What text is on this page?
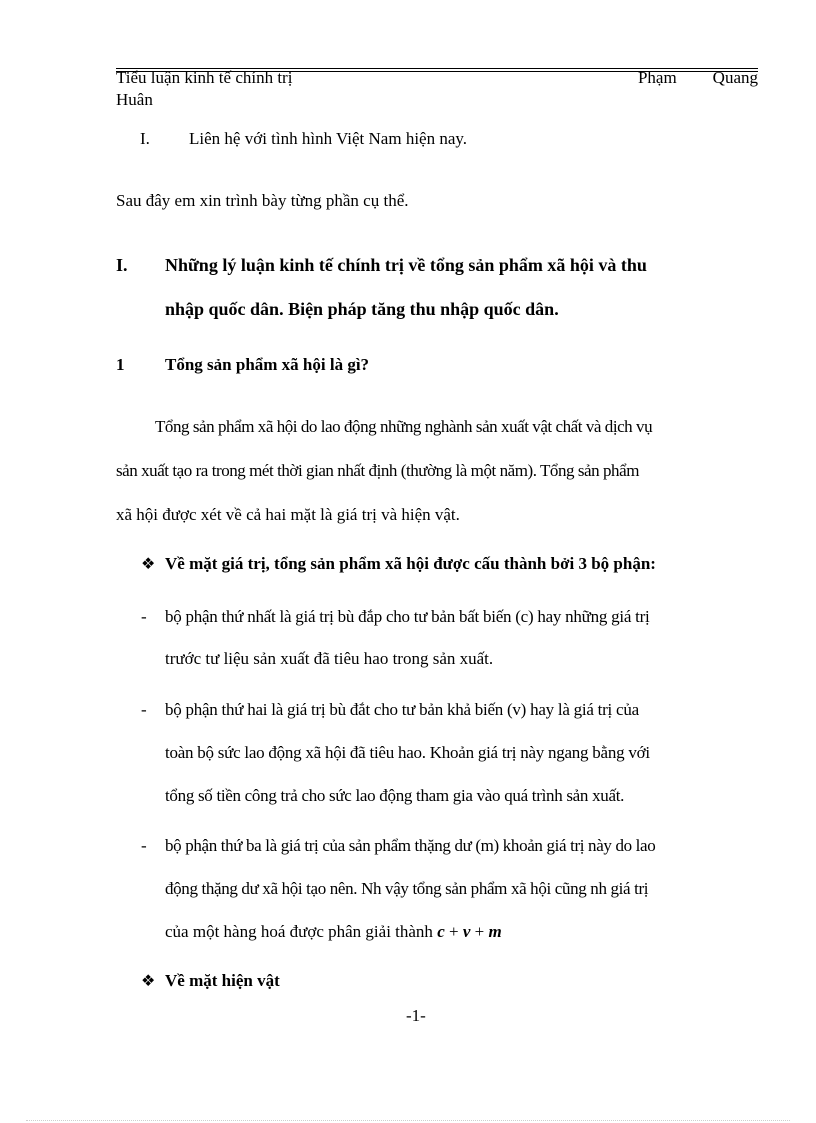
Tiểu luận kinh tế chính trị	Phạm Quang
Huân
I. Liên hệ với tình hình Việt Nam hiện nay.
Sau đây em xin trình bày từng phần cụ thể.
I. Những lý luận kinh tế chính trị về tổng sản phẩm xã hội và thu
nhập quốc dân. Biện pháp tăng thu nhập quốc dân.
1 Tổng sản phẩm xã hội là gì?
Tổng sản phẩm xã hội do lao động những nghành sản xuất vật chất và dịch vụ
sản xuất tạo ra trong mét thời gian nhất định (thường là một năm). Tổng sản phẩm
xã hội được xét về cả hai mặt là giá trị và hiện vật.
❖ Về mặt giá trị, tổng sản phẩm xã hội được cấu thành bởi 3 bộ phận:
- bộ phận thứ nhất là giá trị bù đắp cho tư bản bất biến (c) hay những giá trị
trước tư liệu sản xuất đã tiêu hao trong sản xuất.
- bộ phận thứ hai là giá trị bù đắt cho tư bản khả biến (v) hay là giá trị của
toàn bộ sức lao động xã hội đã tiêu hao. Khoản giá trị này ngang bằng với
tổng số tiền công trả cho sức lao động tham gia vào quá trình sản xuất.
- bộ phận thứ ba là giá trị của sản phẩm thặng dư (m) khoản giá trị này do lao
động thặng dư xã hội tạo nên. Nh vậy tổng sản phẩm xã hội cũng nh giá trị
của một hàng hoá được phân giải thành c + v + m
❖ Về mặt hiện vật
-1-
